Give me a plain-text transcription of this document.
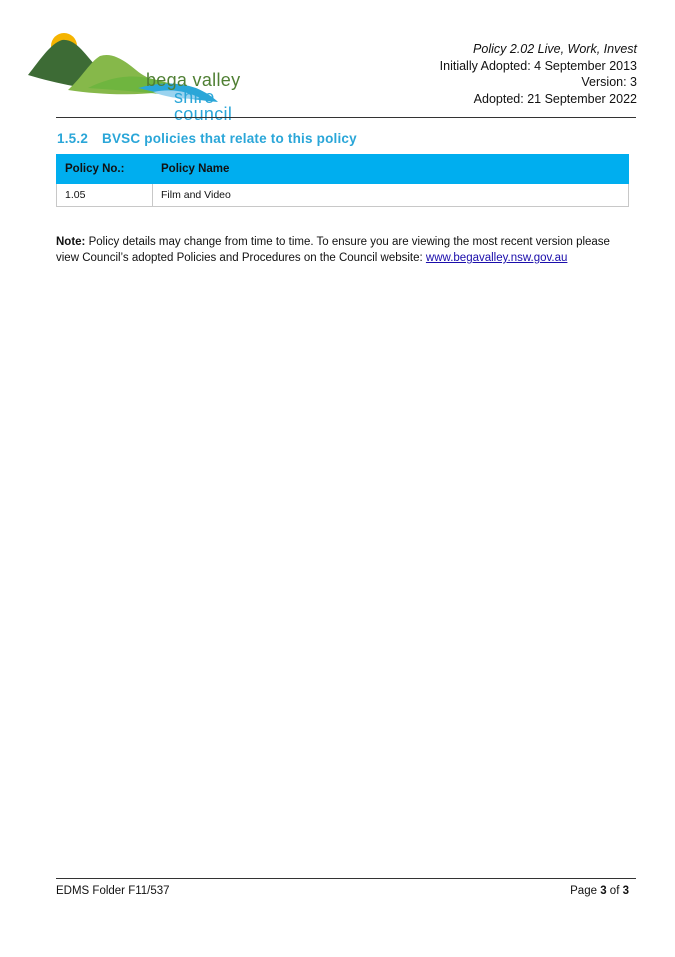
bega valley
shire council
Policy 2.02 Live, Work, Invest
Initially Adopted: 4 September 2013
Version: 3
Adopted: 21 September 2022
1.5.2 BVSC policies that relate to this policy
Policy No.:	Policy Name
1.05	Film and Video
Note: Policy details may change from time to time. To ensure you are viewing the most recent version please view Council’s adopted Policies and Procedures on the Council website: www.begavalley.nsw.gov.au
EDMS Folder F11/537	Page 3 of 3
